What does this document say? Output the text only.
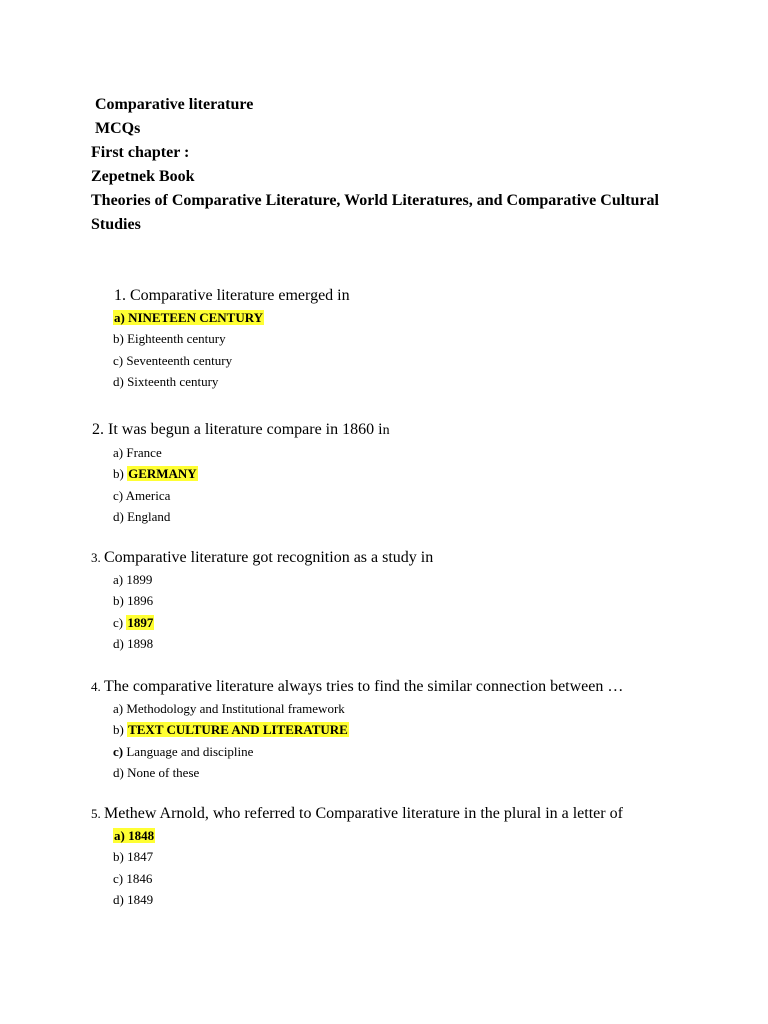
Comparative literature
MCQs
First chapter :
Zepetnek Book
Theories of Comparative Literature, World Literatures, and Comparative Cultural Studies
1. Comparative literature emerged in
a) NINETEEN CENTURY
b) Eighteenth century
c) Seventeenth century
d) Sixteenth century
2. It was begun a literature compare in 1860 in
a) France
b) GERMANY
c) America
d) England
3. Comparative literature got recognition as a study in
a) 1899
b) 1896
c) 1897
d) 1898
4. The comparative literature always tries to find the similar connection between …
a) Methodology and Institutional framework
b) TEXT CULTURE AND LITERATURE
c) Language and discipline
d) None of these
5. Methew Arnold, who referred to Comparative literature in the plural in a letter of
a) 1848
b) 1847
c) 1846
d) 1849
